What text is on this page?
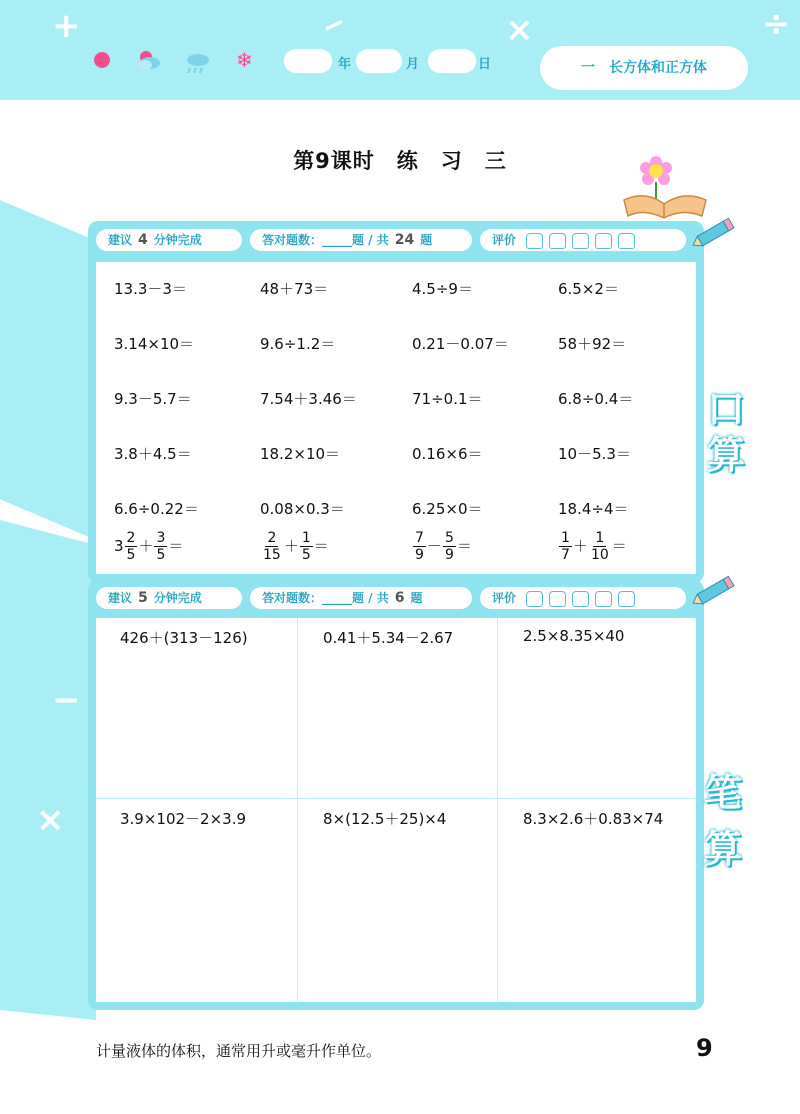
+	−	×	÷
❄	年	月	日	一　长方体和正方体
−
×
第9课时　练　习　三
建议 4 分钟完成	答对题数：_____题 / 共 24 题	评价
口
算
13.3－3＝	48＋73＝	4.5÷9＝	6.5×2＝
3.14×10＝	9.6÷1.2＝	0.21－0.07＝	58＋92＝
9.3－5.7＝	7.54＋3.46＝	71÷0.1＝	6.8÷0.4＝
3.8＋4.5＝	18.2×10＝	0.16×6＝	10－5.3＝
6.6÷0.22＝	0.08×0.3＝	6.25×0＝	18.4÷4＝
$3 \frac{2}{5} + \frac{3}{5}$ ＝	$\frac{2}{15} + \frac{1}{5}$ ＝	$\frac{7}{9} - \frac{5}{9}$ ＝	$\frac{1}{7} + \frac{1}{10}$ ＝
建议 5 分钟完成	答对题数：_____题 / 共 6 题	评价
笔
算
426＋(313－126)	0.41＋5.34－2.67	2.5×8.35×40
3.9×102－2×3.9	8×(12.5＋25)×4	8.3×2.6＋0.83×74
计量液体的体积，通常用升或毫升作单位。	9
